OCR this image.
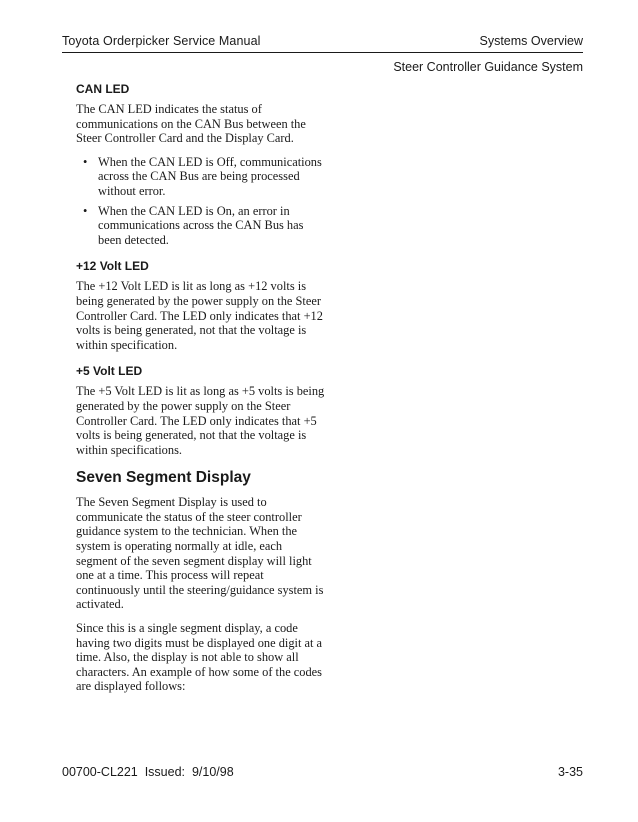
Toyota Orderpicker Service Manual	Systems Overview
Steer Controller Guidance System
CAN LED

The CAN LED indicates the status of communications on the CAN Bus between the Steer Controller Card and the Display Card.

• When the CAN LED is Off, communications across the CAN Bus are being processed without error.
• When the CAN LED is On, an error in communications across the CAN Bus has been detected.
+12 Volt LED

The +12 Volt LED is lit as long as +12 volts is being generated by the power supply on the Steer Controller Card. The LED only indicates that +12 volts is being generated, not that the voltage is within specification.

+5 Volt LED

The +5 Volt LED is lit as long as +5 volts is being generated by the power supply on the Steer Controller Card. The LED only indicates that +5 volts is being generated, not that the voltage is within specifications.

Seven Segment Display

The Seven Segment Display is used to communicate the status of the steer controller guidance system to the technician. When the system is operating normally at idle, each segment of the seven segment display will light one at a time. This process will repeat continuously until the steering/guidance system is activated.

Since this is a single segment display, a code having two digits must be displayed one digit at a time. Also, the display is not able to show all characters. An example of how some of the codes are displayed follows:

00700-CL221  Issued:  9/10/98	3-35
